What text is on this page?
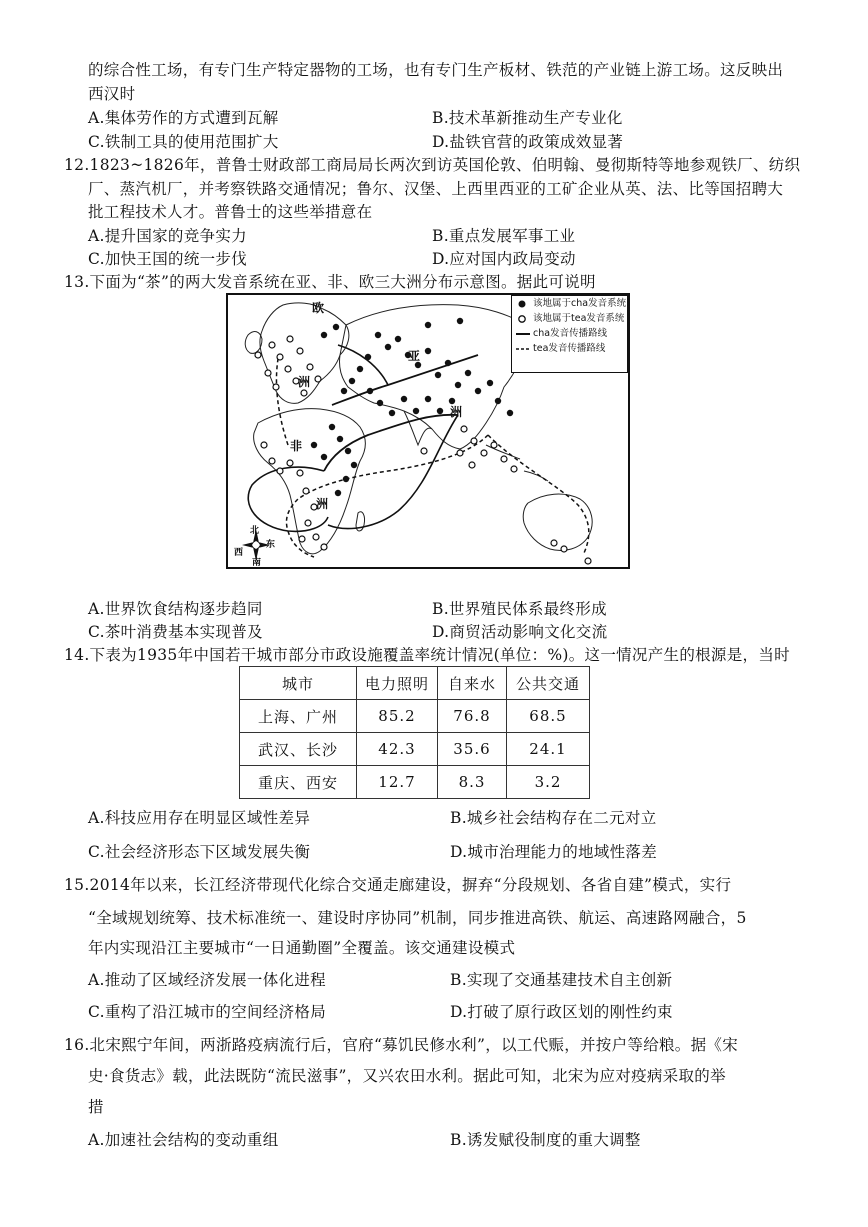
的综合性工场，有专门生产特定器物的工场，也有专门生产板材、铁范的产业链上游工场。这反映出
西汉时
A.集体劳作的方式遭到瓦解	B.技术革新推动生产专业化
C.铁制工具的使用范围扩大	D.盐铁官营的政策成效显著
12.1823~1826年，普鲁士财政部工商局局长两次到访英国伦敦、伯明翰、曼彻斯特等地参观铁厂、纺织
厂、蒸汽机厂，并考察铁路交通情况；鲁尔、汉堡、上西里西亚的工矿企业从英、法、比等国招聘大
批工程技术人才。普鲁士的这些举措意在
A.提升国家的竞争实力	B.重点发展军事工业
C.加快王国的统一步伐	D.应对国内政局变动
13.下面为“茶”的两大发音系统在亚、非、欧三大洲分布示意图。据此可说明
欧
洲
亚
洲
非
洲
北
西
东
南
该地属于cha发音系统
该地属于tea发音系统
cha发音传播路线
tea发音传播路线
A.世界饮食结构逐步趋同	B.世界殖民体系最终形成
C.茶叶消费基本实现普及	D.商贸活动影响文化交流
14.下表为1935年中国若干城市部分市政设施覆盖率统计情况(单位：%)。这一情况产生的根源是，当时
城市	电力照明	自来水	公共交通
上海、广州	85.2	76.8	68.5
武汉、长沙	42.3	35.6	24.1
重庆、西安	12.7	8.3	3.2
A.科技应用存在明显区域性差异	B.城乡社会结构存在二元对立
C.社会经济形态下区域发展失衡	D.城市治理能力的地域性落差
15.2014年以来，长江经济带现代化综合交通走廊建设，摒弃“分段规划、各省自建”模式，实行
“全域规划统筹、技术标准统一、建设时序协同”机制，同步推进高铁、航运、高速路网融合，5
年内实现沿江主要城市“一日通勤圈”全覆盖。该交通建设模式
A.推动了区域经济发展一体化进程	B.实现了交通基建技术自主创新
C.重构了沿江城市的空间经济格局	D.打破了原行政区划的刚性约束
16.北宋熙宁年间，两浙路疫病流行后，官府“募饥民修水利”，以工代赈，并按户等给粮。据《宋
史·食货志》载，此法既防“流民滋事”，又兴农田水利。据此可知，北宋为应对疫病采取的举
措
A.加速社会结构的变动重组	B.诱发赋役制度的重大调整
